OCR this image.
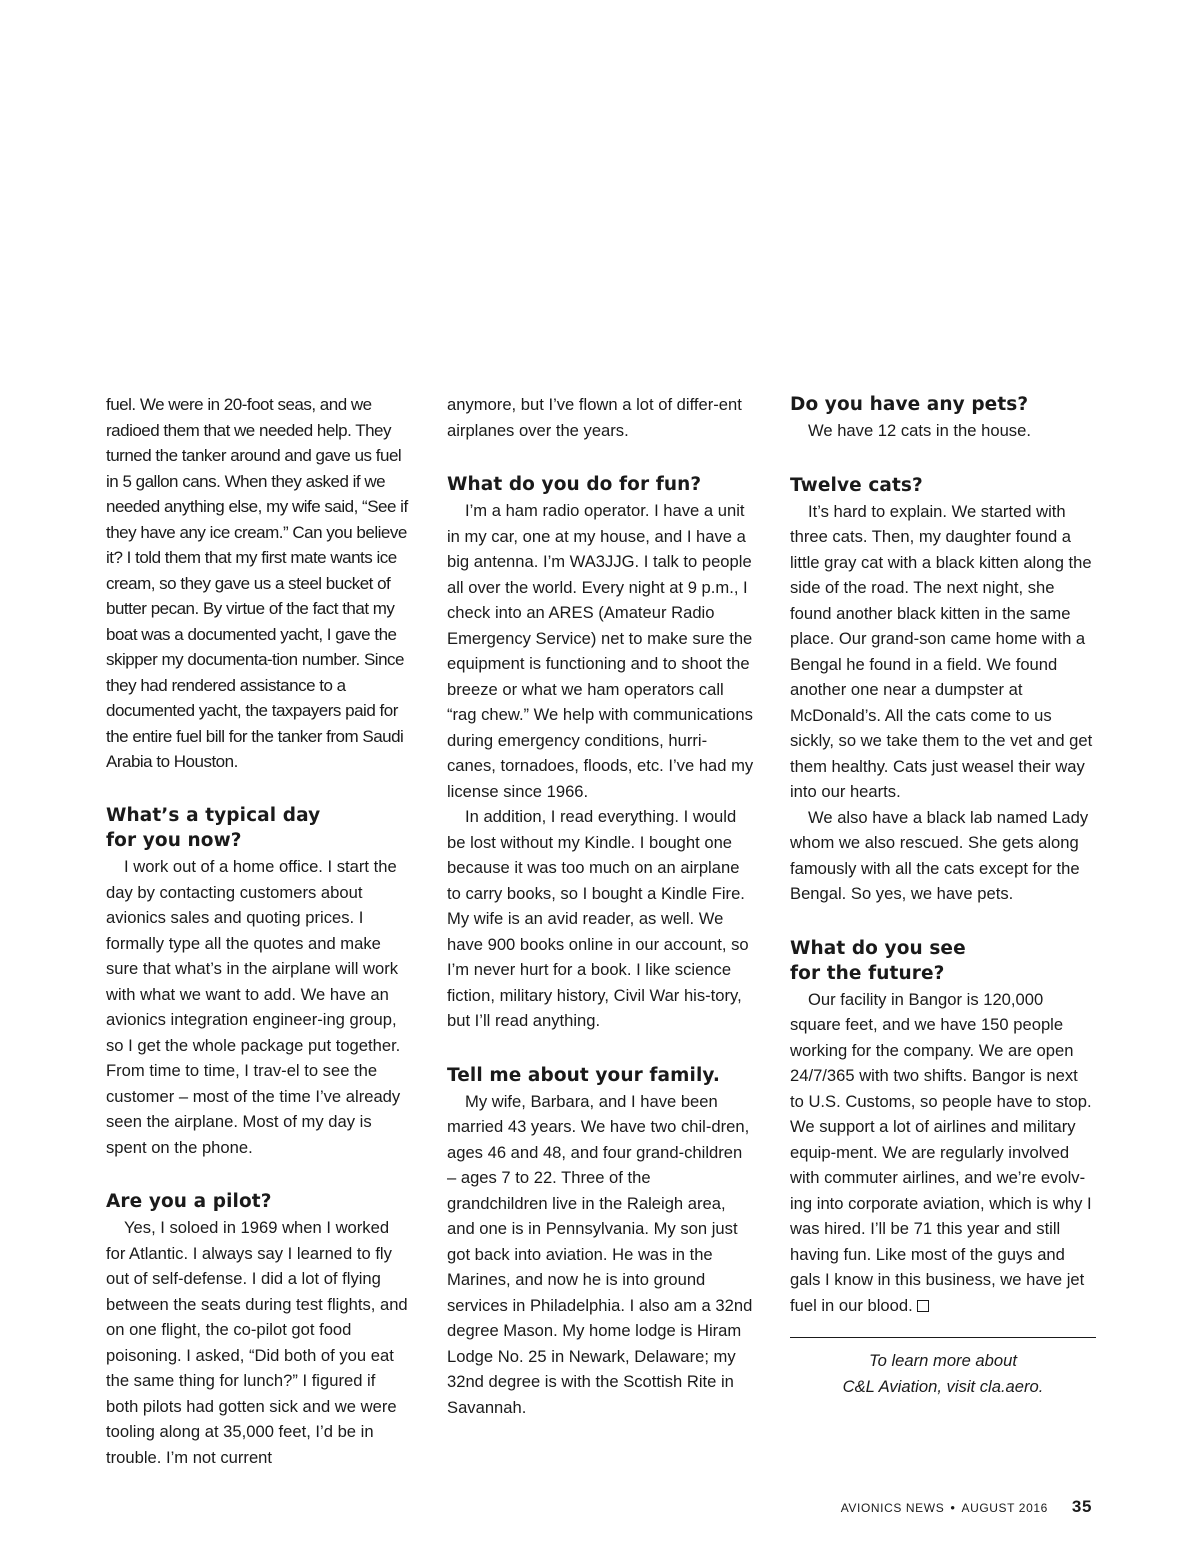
fuel. We were in 20-foot seas, and we radioed them that we needed help. They turned the tanker around and gave us fuel in 5 gallon cans. When they asked if we needed anything else, my wife said, “See if they have any ice cream.” Can you believe it? I told them that my first mate wants ice cream, so they gave us a steel bucket of butter pecan. By virtue of the fact that my boat was a documented yacht, I gave the skipper my documenta-tion number. Since they had rendered assistance to a documented yacht, the taxpayers paid for the entire fuel bill for the tanker from Saudi Arabia to Houston.

What’s a typical day
for you now?

I work out of a home office. I start the day by contacting customers about avionics sales and quoting prices. I formally type all the quotes and make sure that what’s in the airplane will work with what we want to add. We have an avionics integration engineer-ing group, so I get the whole package put together. From time to time, I trav-el to see the customer – most of the time I’ve already seen the airplane. Most of my day is spent on the phone.

Are you a pilot?

Yes, I soloed in 1969 when I worked for Atlantic. I always say I learned to fly out of self-defense. I did a lot of flying between the seats during test flights, and on one flight, the co-pilot got food poisoning. I asked, “Did both of you eat the same thing for lunch?” I figured if both pilots had gotten sick and we were tooling along at 35,000 feet, I’d be in trouble. I’m not current

anymore, but I’ve flown a lot of differ-ent airplanes over the years.

What do you do for fun?

I’m a ham radio operator. I have a unit in my car, one at my house, and I have a big antenna. I’m WA3JJG. I talk to people all over the world. Every night at 9 p.m., I check into an ARES (Amateur Radio Emergency Service) net to make sure the equipment is functioning and to shoot the breeze or what we ham operators call “rag chew.” We help with communications during emergency conditions, hurri-canes, tornadoes, floods, etc. I’ve had my license since 1966.

In addition, I read everything. I would be lost without my Kindle. I bought one because it was too much on an airplane to carry books, so I bought a Kindle Fire. My wife is an avid reader, as well. We have 900 books online in our account, so I’m never hurt for a book. I like science fiction, military history, Civil War his-tory, but I’ll read anything.

Tell me about your family.

My wife, Barbara, and I have been married 43 years. We have two chil-dren, ages 46 and 48, and four grand-children – ages 7 to 22. Three of the grandchildren live in the Raleigh area, and one is in Pennsylvania. My son just got back into aviation. He was in the Marines, and now he is into ground services in Philadelphia. I also am a 32nd degree Mason. My home lodge is Hiram Lodge No. 25 in Newark, Delaware; my 32nd degree is with the Scottish Rite in Savannah.

Do you have any pets?

We have 12 cats in the house.

Twelve cats?

It’s hard to explain. We started with three cats. Then, my daughter found a little gray cat with a black kitten along the side of the road. The next night, she found another black kitten in the same place. Our grand-son came home with a Bengal he found in a field. We found another one near a dumpster at McDonald’s. All the cats come to us sickly, so we take them to the vet and get them healthy. Cats just weasel their way into our hearts.

We also have a black lab named Lady whom we also rescued. She gets along famously with all the cats except for the Bengal. So yes, we have pets.

What do you see
for the future?

Our facility in Bangor is 120,000 square feet, and we have 150 people working for the company. We are open 24/7/365 with two shifts. Bangor is next to U.S. Customs, so people have to stop. We support a lot of airlines and military equip-ment. We are regularly involved with commuter airlines, and we’re evolv-ing into corporate aviation, which is why I was hired. I’ll be 71 this year and still having fun. Like most of the guys and gals I know in this business, we have jet fuel in our blood.

To learn more about
C&L Aviation, visit cla.aero.
AVIONICS NEWS • AUGUST 2016 35
